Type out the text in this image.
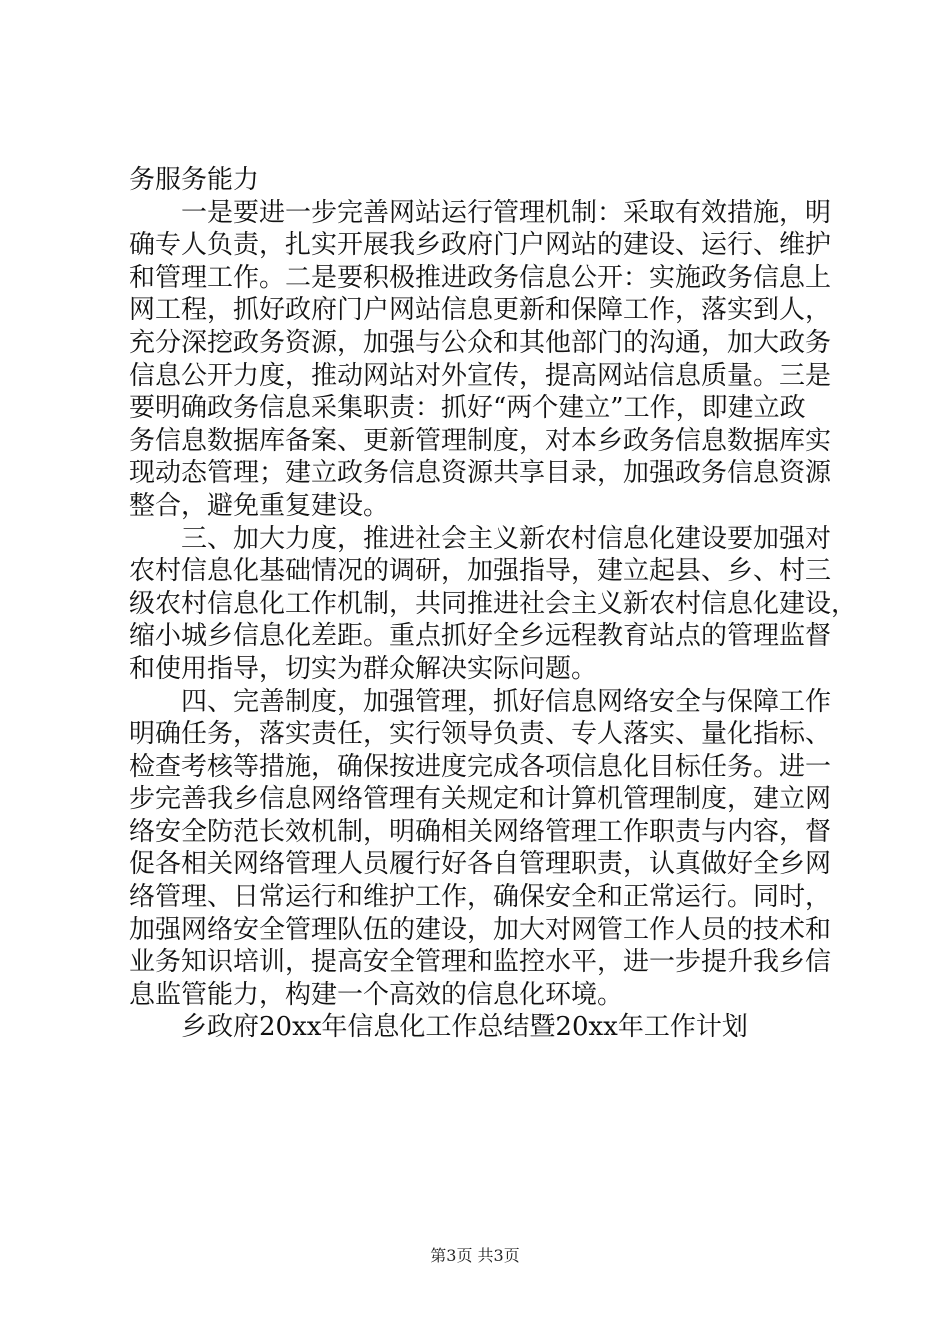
务服务能力
一是要进一步完善网站运行管理机制：采取有效措施，明
确专人负责，扎实开展我乡政府门户网站的建设、运行、维护
和管理工作。二是要积极推进政务信息公开：实施政务信息上
网工程，抓好政府门户网站信息更新和保障工作，落实到人，
充分深挖政务资源，加强与公众和其他部门的沟通，加大政务
信息公开力度，推动网站对外宣传，提高网站信息质量。三是
要明确政务信息采集职责：抓好“两个建立”工作，即建立政
务信息数据库备案、更新管理制度，对本乡政务信息数据库实
现动态管理；建立政务信息资源共享目录，加强政务信息资源
整合，避免重复建设。
三、加大力度，推进社会主义新农村信息化建设要加强对
农村信息化基础情况的调研，加强指导，建立起县、乡、村三
级农村信息化工作机制，共同推进社会主义新农村信息化建设，
缩小城乡信息化差距。重点抓好全乡远程教育站点的管理监督
和使用指导，切实为群众解决实际问题。
四、完善制度，加强管理，抓好信息网络安全与保障工作
明确任务，落实责任，实行领导负责、专人落实、量化指标、
检查考核等措施，确保按进度完成各项信息化目标任务。进一
步完善我乡信息网络管理有关规定和计算机管理制度，建立网
络安全防范长效机制，明确相关网络管理工作职责与内容，督
促各相关网络管理人员履行好各自管理职责，认真做好全乡网
络管理、日常运行和维护工作，确保安全和正常运行。同时，
加强网络安全管理队伍的建设，加大对网管工作人员的技术和
业务知识培训，提高安全管理和监控水平，进一步提升我乡信
息监管能力，构建一个高效的信息化环境。
乡政府20xx年信息化工作总结暨20xx年工作计划
第3页 共3页
